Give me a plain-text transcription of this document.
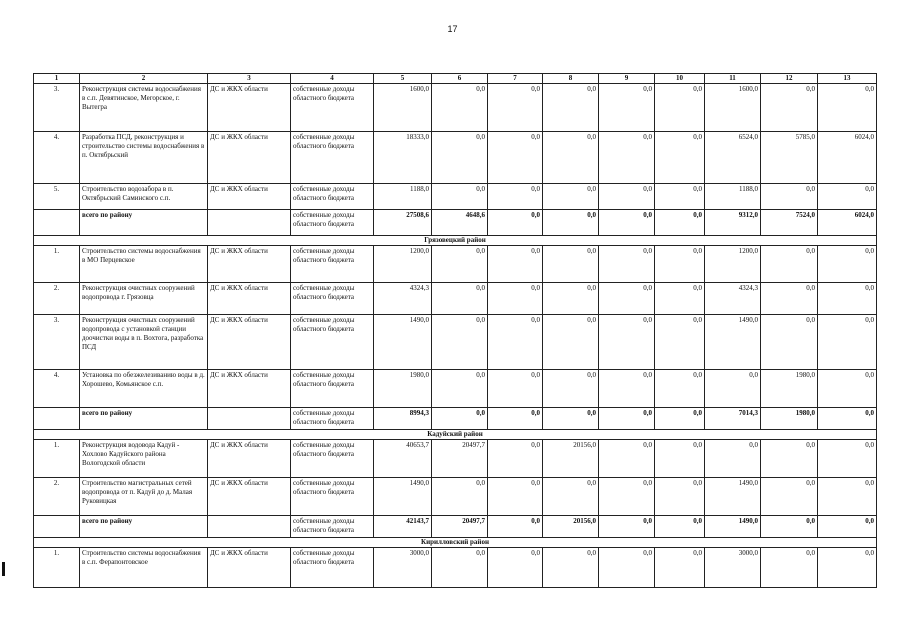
17
1	2	3	4	5	6	7	8	9	10	11	12	13
3.	Реконструкция системы водоснабжения в с.п. Девятинское, Мегорское, г. Вытегра	ДС и ЖКХ области	собственные доходы областного бюджета	1600,0	0,0	0,0	0,0	0,0	0,0	1600,0	0,0	0,0
4.	Разработка ПСД, реконструкция и строительство системы водоснабжения в п. Октябрьский	ДС и ЖКХ области	собственные доходы областного бюджета	18333,0	0,0	0,0	0,0	0,0	0,0	6524,0	5785,0	6024,0
5.	Строительство водозабора в п. Октябрьский Саминского с.п.	ДС и ЖКХ области	собственные доходы областного бюджета	1188,0	0,0	0,0	0,0	0,0	0,0	1188,0	0,0	0,0
	всего по району		собственные доходы областного бюджета	27508,6	4648,6	0,0	0,0	0,0	0,0	9312,0	7524,0	6024,0
Грязовецкий район												
1.	Строительство системы водоснабжения в МО Перцевское	ДС и ЖКХ области	собственные доходы областного бюджета	1200,0	0,0	0,0	0,0	0,0	0,0	1200,0	0,0	0,0
2.	Реконструкция очистных сооружений водопровода г. Грязовца	ДС и ЖКХ области	собственные доходы областного бюджета	4324,3	0,0	0,0	0,0	0,0	0,0	4324,3	0,0	0,0
3.	Реконструкция очистных сооружений водопровода с установкой станции доочистки воды в п. Вохтога, разработка ПСД	ДС и ЖКХ области	собственные доходы областного бюджета	1490,0	0,0	0,0	0,0	0,0	0,0	1490,0	0,0	0,0
4.	Установка по обезжелезиванию воды в д. Хорошево, Комьянское с.п.	ДС и ЖКХ области	собственные доходы областного бюджета	1980,0	0,0	0,0	0,0	0,0	0,0	0,0	1980,0	0,0
	всего по району		собственные доходы областного бюджета	8994,3	0,0	0,0	0,0	0,0	0,0	7014,3	1980,0	0,0
Кадуйский район												
1.	Реконструкция водовода Кадуй - Хохлово Кадуйского района Вологодской области	ДС и ЖКХ области	собственные доходы областного бюджета	40653,7	20497,7	0,0	20156,0	0,0	0,0	0,0	0,0	0,0
2.	Строительство магистральных сетей водопровода от п. Кадуй до д. Малая Руковицкая	ДС и ЖКХ области	собственные доходы областного бюджета	1490,0	0,0	0,0	0,0	0,0	0,0	1490,0	0,0	0,0
	всего по району		собственные доходы областного бюджета	42143,7	20497,7	0,0	20156,0	0,0	0,0	1490,0	0,0	0,0
Кирилловский район												
1.	Строительство системы водоснабжения в с.п. Ферапонтовское	ДС и ЖКХ области	собственные доходы областного бюджета	3000,0	0,0	0,0	0,0	0,0	0,0	3000,0	0,0	0,0
